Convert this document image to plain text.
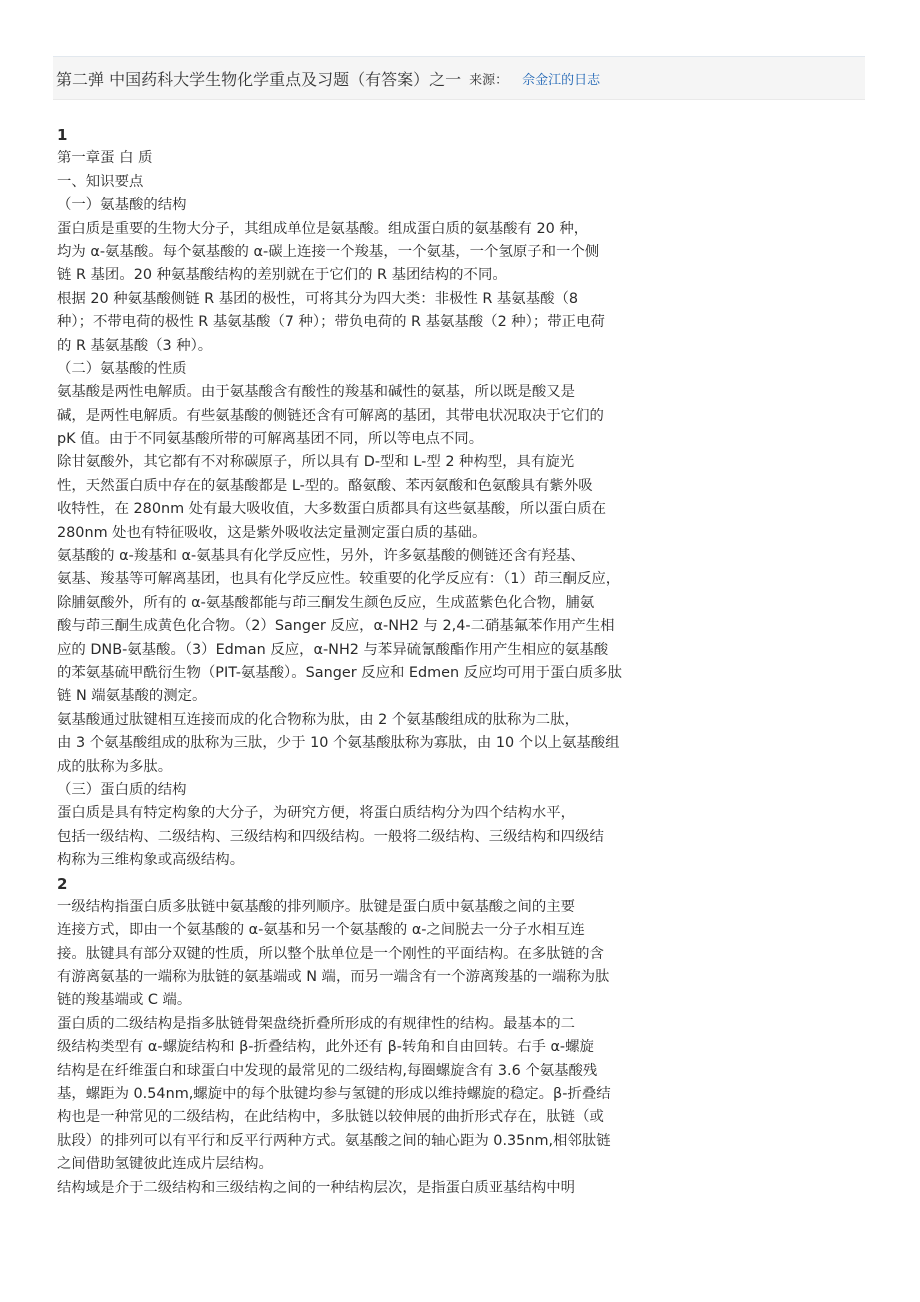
第二弹 中国药科大学生物化学重点及习题（有答案）之一 来源： 佘金江的日志
1
第一章蛋 白 质
一、知识要点
（一）氨基酸的结构
蛋白质是重要的生物大分子，其组成单位是氨基酸。组成蛋白质的氨基酸有 20 种，
均为 α-氨基酸。每个氨基酸的 α-碳上连接一个羧基，一个氨基，一个氢原子和一个侧
链 R 基团。20 种氨基酸结构的差别就在于它们的 R 基团结构的不同。
根据 20 种氨基酸侧链 R 基团的极性，可将其分为四大类：非极性 R 基氨基酸（8
种）；不带电荷的极性 R 基氨基酸（7 种）；带负电荷的 R 基氨基酸（2 种）；带正电荷
的 R 基氨基酸（3 种）。
（二）氨基酸的性质
氨基酸是两性电解质。由于氨基酸含有酸性的羧基和碱性的氨基，所以既是酸又是
碱，是两性电解质。有些氨基酸的侧链还含有可解离的基团，其带电状况取决于它们的
pK 值。由于不同氨基酸所带的可解离基团不同，所以等电点不同。
除甘氨酸外，其它都有不对称碳原子，所以具有 D-型和 L-型 2 种构型，具有旋光
性，天然蛋白质中存在的氨基酸都是 L-型的。酪氨酸、苯丙氨酸和色氨酸具有紫外吸
收特性，在 280nm 处有最大吸收值，大多数蛋白质都具有这些氨基酸，所以蛋白质在
280nm 处也有特征吸收，这是紫外吸收法定量测定蛋白质的基础。
氨基酸的 α-羧基和 α-氨基具有化学反应性，另外，许多氨基酸的侧链还含有羟基、
氨基、羧基等可解离基团，也具有化学反应性。较重要的化学反应有：（1）茚三酮反应，
除脯氨酸外，所有的 α-氨基酸都能与茚三酮发生颜色反应，生成蓝紫色化合物，脯氨
酸与茚三酮生成黄色化合物。（2）Sanger 反应，α-NH2 与 2,4-二硝基氟苯作用产生相
应的 DNB-氨基酸。（3）Edman 反应，α-NH2 与苯异硫氰酸酯作用产生相应的氨基酸
的苯氨基硫甲酰衍生物（PIT-氨基酸）。Sanger 反应和 Edmen 反应均可用于蛋白质多肽
链 N 端氨基酸的测定。
氨基酸通过肽键相互连接而成的化合物称为肽，由 2 个氨基酸组成的肽称为二肽，
由 3 个氨基酸组成的肽称为三肽，少于 10 个氨基酸肽称为寡肽，由 10 个以上氨基酸组
成的肽称为多肽。
（三）蛋白质的结构
蛋白质是具有特定构象的大分子，为研究方便，将蛋白质结构分为四个结构水平，
包括一级结构、二级结构、三级结构和四级结构。一般将二级结构、三级结构和四级结
构称为三维构象或高级结构。
2
一级结构指蛋白质多肽链中氨基酸的排列顺序。肽键是蛋白质中氨基酸之间的主要
连接方式，即由一个氨基酸的 α-氨基和另一个氨基酸的 α-之间脱去一分子水相互连
接。肽键具有部分双键的性质，所以整个肽单位是一个刚性的平面结构。在多肽链的含
有游离氨基的一端称为肽链的氨基端或 N 端，而另一端含有一个游离羧基的一端称为肽
链的羧基端或 C 端。
蛋白质的二级结构是指多肽链骨架盘绕折叠所形成的有规律性的结构。最基本的二
级结构类型有 α-螺旋结构和 β-折叠结构，此外还有 β-转角和自由回转。右手 α-螺旋
结构是在纤维蛋白和球蛋白中发现的最常见的二级结构,每圈螺旋含有 3.6 个氨基酸残
基，螺距为 0.54nm,螺旋中的每个肽键均参与氢键的形成以维持螺旋的稳定。β-折叠结
构也是一种常见的二级结构，在此结构中，多肽链以较伸展的曲折形式存在，肽链（或
肽段）的排列可以有平行和反平行两种方式。氨基酸之间的轴心距为 0.35nm,相邻肽链
之间借助氢键彼此连成片层结构。
结构域是介于二级结构和三级结构之间的一种结构层次，是指蛋白质亚基结构中明
